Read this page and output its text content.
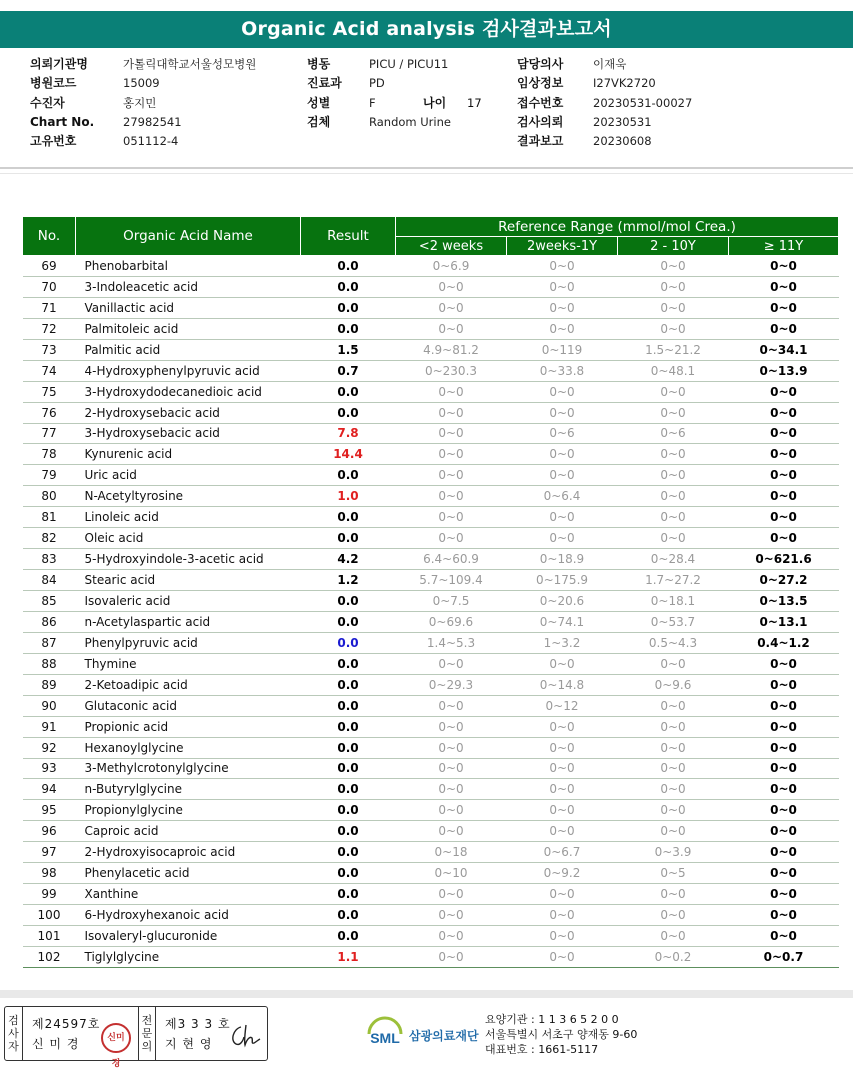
Organic Acid analysis 검사결과보고서
의뢰기관명	가톨릭대학교서울성모병원
병원코드	15009
수진자	홍지민
Chart No.	27982541
고유번호	051112-4
병동	PICU / PICU11
진료과 PD
성별	F	나이 17
검체	Random Urine
담당의사	이재욱
임상정보	I27VK2720
접수번호	20230531-00027
검사의뢰	20230531
결과보고	20230608
No.	Organic Acid Name	Result	Reference Range (mmol/mol Crea.)			
			<2 weeks	2weeks-1Y	2 - 10Y	≥ 11Y
69	Phenobarbital	0.0	0~6.9	0~0	0~0	0~0
70	3-Indoleacetic acid	0.0	0~0	0~0	0~0	0~0
71	Vanillactic acid	0.0	0~0	0~0	0~0	0~0
72	Palmitoleic acid	0.0	0~0	0~0	0~0	0~0
73	Palmitic acid	1.5	4.9~81.2	0~119	1.5~21.2	0~34.1
74	4-Hydroxyphenylpyruvic acid	0.7	0~230.3	0~33.8	0~48.1	0~13.9
75	3-Hydroxydodecanedioic acid	0.0	0~0	0~0	0~0	0~0
76	2-Hydroxysebacic acid	0.0	0~0	0~0	0~0	0~0
77	3-Hydroxysebacic acid	7.8	0~0	0~6	0~6	0~0
78	Kynurenic acid	14.4	0~0	0~0	0~0	0~0
79	Uric acid	0.0	0~0	0~0	0~0	0~0
80	N-Acetyltyrosine	1.0	0~0	0~6.4	0~0	0~0
81	Linoleic acid	0.0	0~0	0~0	0~0	0~0
82	Oleic acid	0.0	0~0	0~0	0~0	0~0
83	5-Hydroxyindole-3-acetic acid	4.2	6.4~60.9	0~18.9	0~28.4	0~621.6
84	Stearic acid	1.2	5.7~109.4	0~175.9	1.7~27.2	0~27.2
85	Isovaleric acid	0.0	0~7.5	0~20.6	0~18.1	0~13.5
86	n-Acetylaspartic acid	0.0	0~69.6	0~74.1	0~53.7	0~13.1
87	Phenylpyruvic acid	0.0	1.4~5.3	1~3.2	0.5~4.3	0.4~1.2
88	Thymine	0.0	0~0	0~0	0~0	0~0
89	2-Ketoadipic acid	0.0	0~29.3	0~14.8	0~9.6	0~0
90	Glutaconic acid	0.0	0~0	0~12	0~0	0~0
91	Propionic acid	0.0	0~0	0~0	0~0	0~0
92	Hexanoylglycine	0.0	0~0	0~0	0~0	0~0
93	3-Methylcrotonylglycine	0.0	0~0	0~0	0~0	0~0
94	n-Butyrylglycine	0.0	0~0	0~0	0~0	0~0
95	Propionylglycine	0.0	0~0	0~0	0~0	0~0
96	Caproic acid	0.0	0~0	0~0	0~0	0~0
97	2-Hydroxyisocaproic acid	0.0	0~18	0~6.7	0~3.9	0~0
98	Phenylacetic acid	0.0	0~10	0~9.2	0~5	0~0
99	Xanthine	0.0	0~0	0~0	0~0	0~0
100	6-Hydroxyhexanoic acid	0.0	0~0	0~0	0~0	0~0
101	Isovaleryl-glucuronide	0.0	0~0	0~0	0~0	0~0
102	Tiglylglycine	1.1	0~0	0~0	0~0.2	0~0.7
검
사
자
제24597호
신 미 경	신미경
전
문
의
제3 3 3 호
지 현 영	SML 삼광의료재단
요양기관 : 1 1 3 6 5 2 0 0
서울특별시 서초구 양재동 9-60
대표번호 : 1661-5117
